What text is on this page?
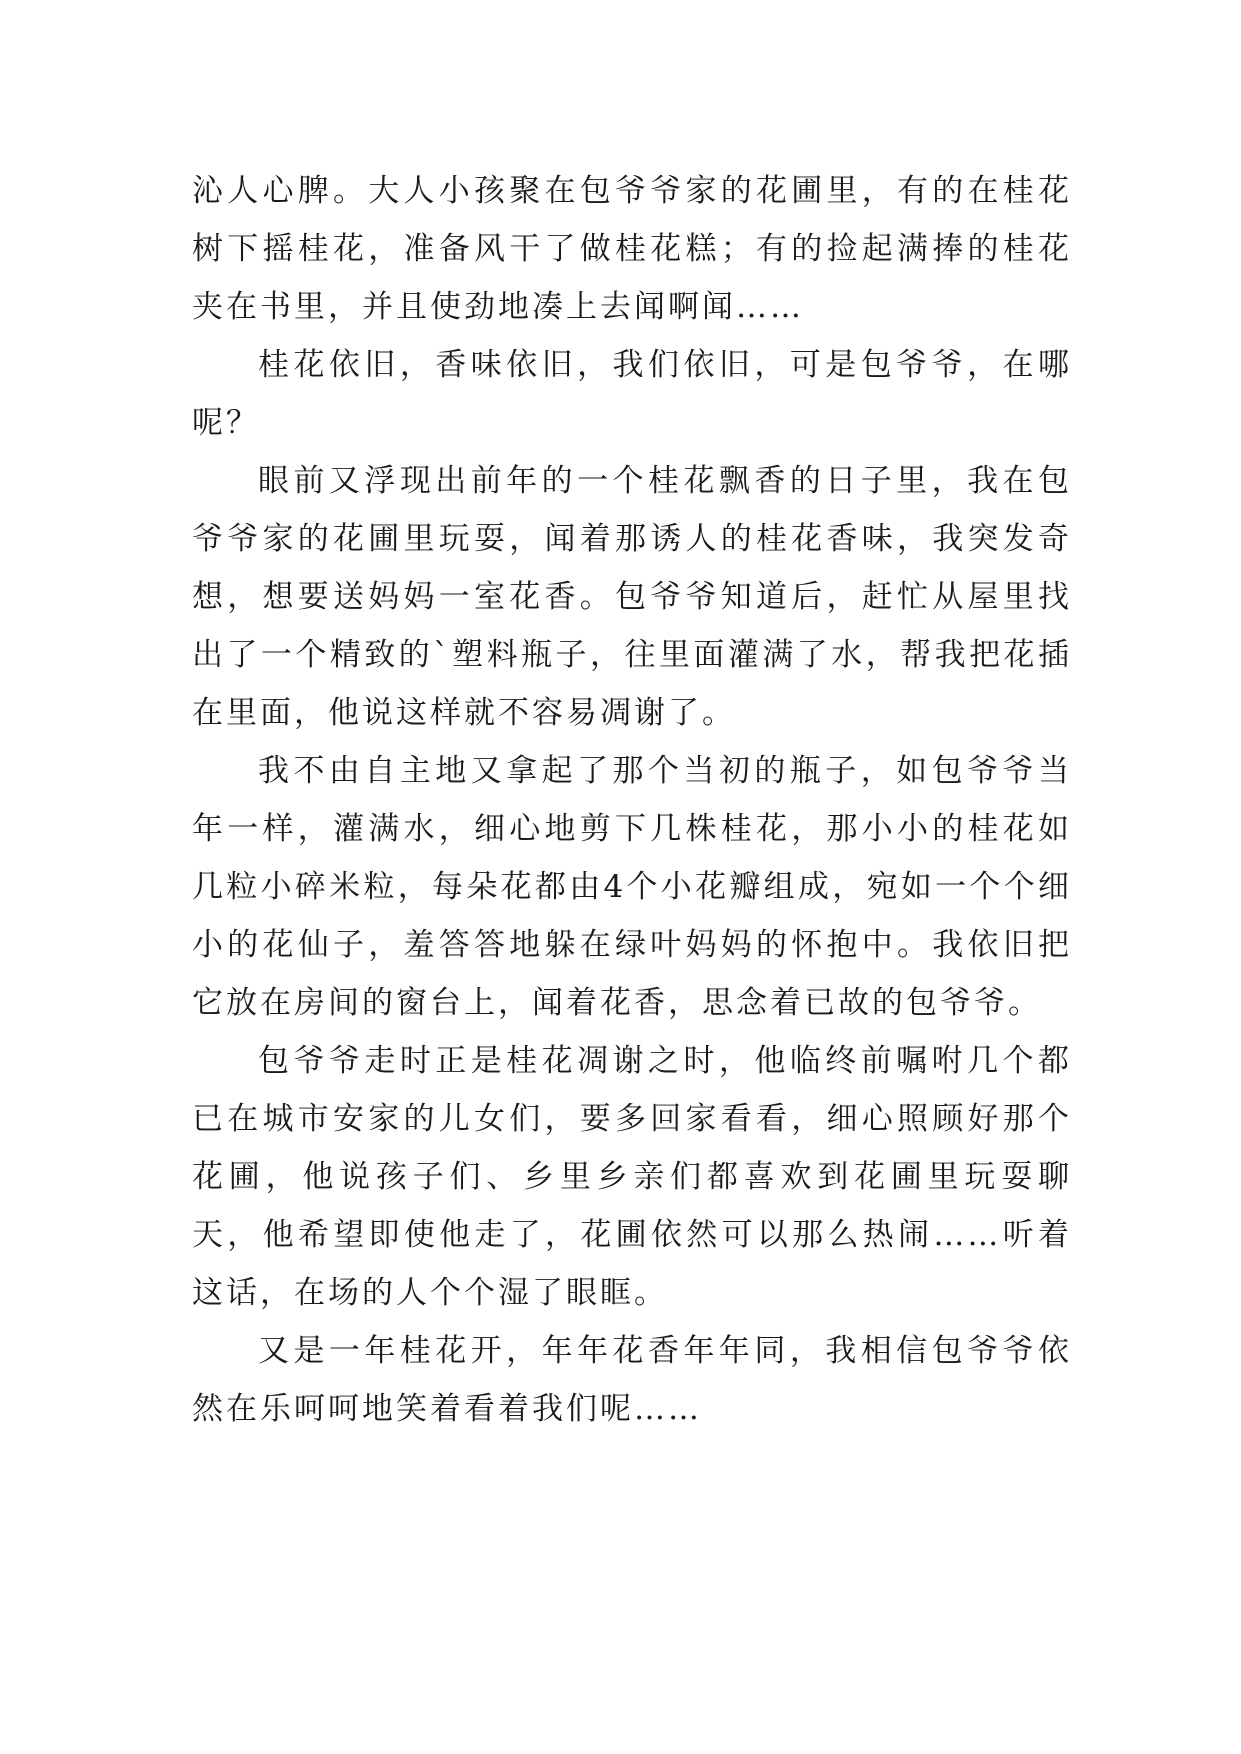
沁人心脾。大人小孩聚在包爷爷家的花圃里，有的在桂花树下摇桂花，准备风干了做桂花糕；有的捡起满捧的桂花夹在书里，并且使劲地凑上去闻啊闻……

桂花依旧，香味依旧，我们依旧，可是包爷爷，在哪呢？

眼前又浮现出前年的一个桂花飘香的日子里，我在包爷爷家的花圃里玩耍，闻着那诱人的桂花香味，我突发奇想，想要送妈妈一室花香。包爷爷知道后，赶忙从屋里找出了一个精致的`塑料瓶子，往里面灌满了水，帮我把花插在里面，他说这样就不容易凋谢了。

我不由自主地又拿起了那个当初的瓶子，如包爷爷当年一样，灌满水，细心地剪下几株桂花，那小小的桂花如几粒小碎米粒，每朵花都由4个小花瓣组成，宛如一个个细小的花仙子，羞答答地躲在绿叶妈妈的怀抱中。我依旧把它放在房间的窗台上，闻着花香，思念着已故的包爷爷。

包爷爷走时正是桂花凋谢之时，他临终前嘱咐几个都已在城市安家的儿女们，要多回家看看，细心照顾好那个花圃，他说孩子们、乡里乡亲们都喜欢到花圃里玩耍聊天，他希望即使他走了，花圃依然可以那么热闹……听着这话，在场的人个个湿了眼眶。

又是一年桂花开，年年花香年年同，我相信包爷爷依然在乐呵呵地笑着看着我们呢……
